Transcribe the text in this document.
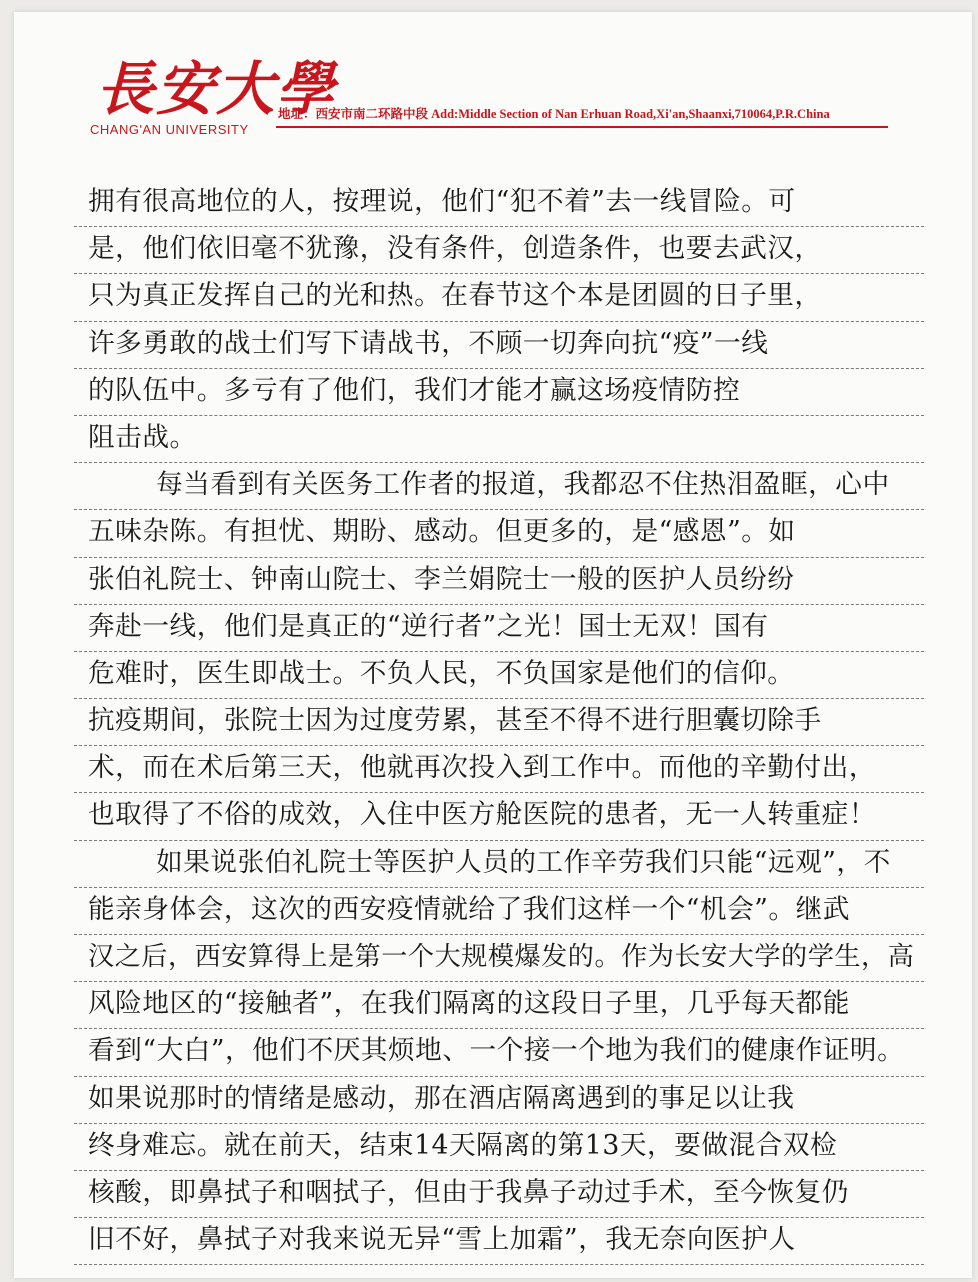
長安大學
CHANG'AN UNIVERSITY
地址：西安市南二环路中段 Add:Middle Section of Nan Erhuan Road,Xi'an,Shaanxi,710064,P.R.China
拥有很高地位的人，按理说，他们“犯不着”去一线冒险。可
是，他们依旧毫不犹豫，没有条件，创造条件，也要去武汉，
只为真正发挥自己的光和热。在春节这个本是团圆的日子里，
许多勇敢的战士们写下请战书，不顾一切奔向抗“疫”一线
的队伍中。多亏有了他们，我们才能才赢这场疫情防控
阻击战。
每当看到有关医务工作者的报道，我都忍不住热泪盈眶，心中
五味杂陈。有担忧、期盼、感动。但更多的，是“感恩”。如
张伯礼院士、钟南山院士、李兰娟院士一般的医护人员纷纷
奔赴一线，他们是真正的“逆行者”之光！国士无双！国有
危难时，医生即战士。不负人民，不负国家是他们的信仰。
抗疫期间，张院士因为过度劳累，甚至不得不进行胆囊切除手
术，而在术后第三天，他就再次投入到工作中。而他的辛勤付出，
也取得了不俗的成效，入住中医方舱医院的患者，无一人转重症！
如果说张伯礼院士等医护人员的工作辛劳我们只能“远观”，不
能亲身体会，这次的西安疫情就给了我们这样一个“机会”。继武
汉之后，西安算得上是第一个大规模爆发的。作为长安大学的学生，高
风险地区的“接触者”，在我们隔离的这段日子里，几乎每天都能
看到“大白”，他们不厌其烦地、一个接一个地为我们的健康作证明。
如果说那时的情绪是感动，那在酒店隔离遇到的事足以让我
终身难忘。就在前天，结束14天隔离的第13天，要做混合双检
核酸，即鼻拭子和咽拭子，但由于我鼻子动过手术，至今恢复仍
旧不好，鼻拭子对我来说无异“雪上加霜”，我无奈向医护人
